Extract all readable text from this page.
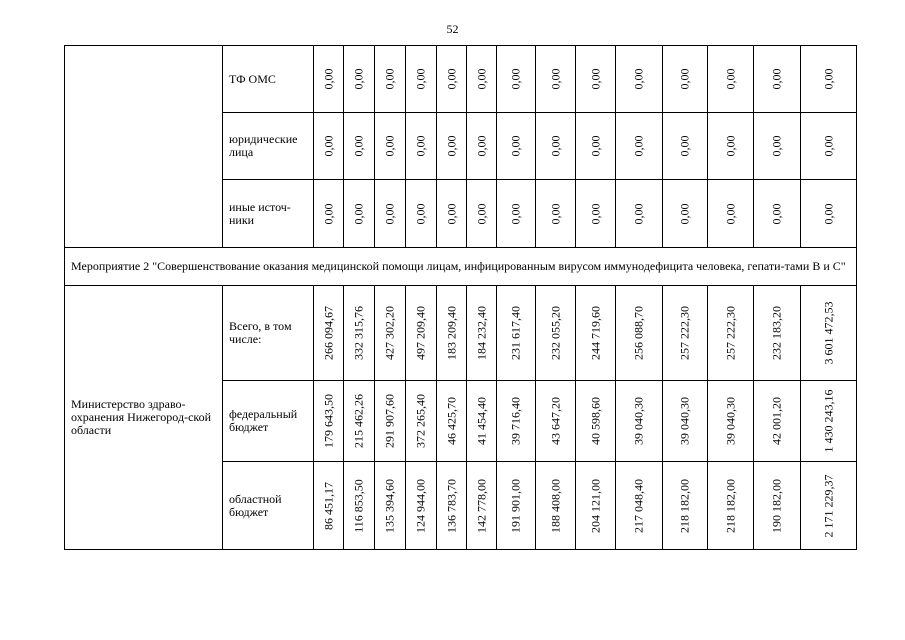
52
	ТФ ОМС	0,00	0,00	0,00	0,00	0,00	0,00	0,00	0,00	0,00	0,00	0,00	0,00	0,00	0,00

	юридические лица	0,00	0,00	0,00	0,00	0,00	0,00	0,00	0,00	0,00	0,00	0,00	0,00	0,00	0,00

	иные источ-ники	0,00	0,00	0,00	0,00	0,00	0,00	0,00	0,00	0,00	0,00	0,00	0,00	0,00	0,00

Мероприятие 2 "Совершенствование оказания медицинской помощи лицам, инфицированным вирусом иммунодефицита человека, гепати-тами В и С"															
Министерство здраво-охранения Нижегород-ской области	Всего, в том числе:	266 094,67	332 315,76	427 302,20	497 209,40	183 209,40	184 232,40	231 617,40	232 055,20	244 719,60	256 088,70	257 222,30	257 222,30	232 183,20	3 601 472,53

	федеральный бюджет	179 643,50	215 462,26	291 907,60	372 265,40	46 425,70	41 454,40	39 716,40	43 647,20	40 598,60	39 040,30	39 040,30	39 040,30	42 001,20	1 430 243,16

	областной бюджет	86 451,17	116 853,50	135 394,60	124 944,00	136 783,70	142 778,00	191 901,00	188 408,00	204 121,00	217 048,40	218 182,00	218 182,00	190 182,00	2 171 229,37
